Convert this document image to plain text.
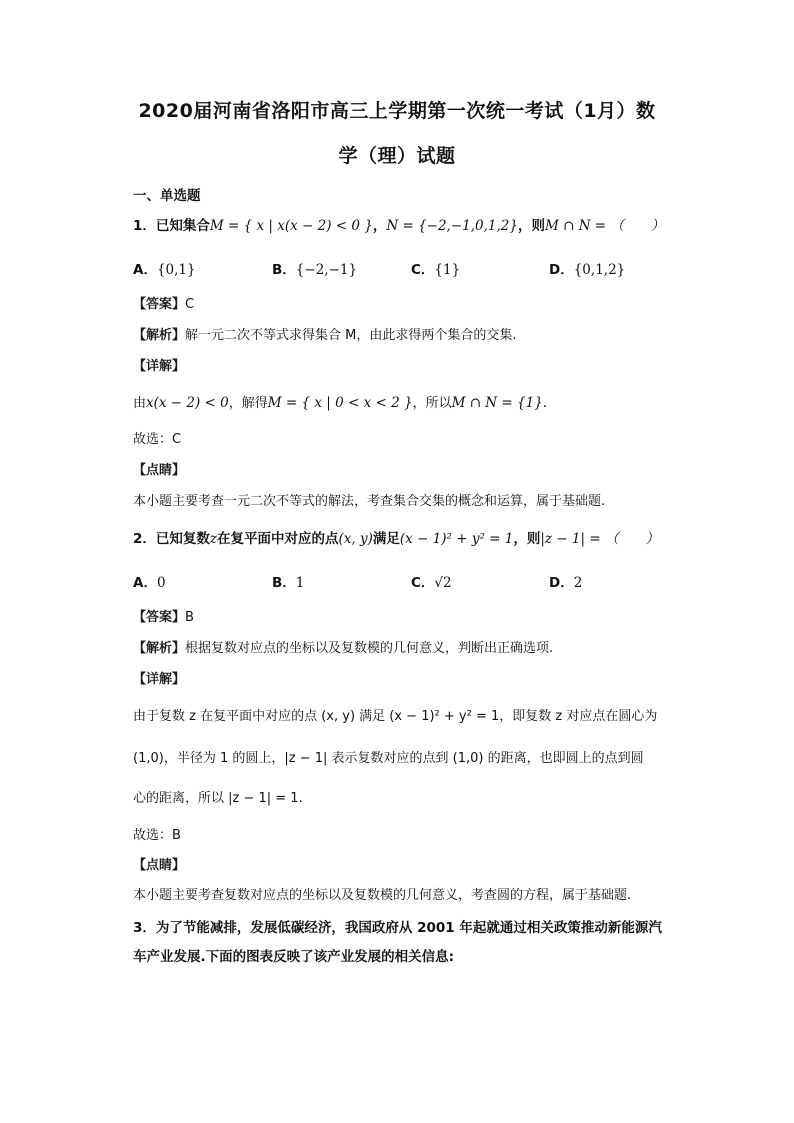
2020届河南省洛阳市高三上学期第一次统一考试（1月）数
学（理）试题
一、单选题
1．已知集合M = { x | x(x − 2) < 0 }，N = {−2,−1,0,1,2}，则M ∩ N = （　　）
A．{0,1}	B．{−2,−1}	C．{1}	D．{0,1,2}
【答案】C
【解析】解一元二次不等式求得集合 M，由此求得两个集合的交集.
【详解】
由x(x − 2) < 0，解得M = { x | 0 < x < 2 }，所以M ∩ N = {1}.
故选：C
【点睛】
本小题主要考查一元二次不等式的解法，考查集合交集的概念和运算，属于基础题.
2．已知复数z在复平面中对应的点(x, y)满足(x − 1)² + y² = 1，则|z − 1| = （　　）
A．0	B．1	C．√2	D．2
【答案】B
【解析】根据复数对应点的坐标以及复数模的几何意义，判断出正确选项.
【详解】
由于复数 z 在复平面中对应的点 (x, y) 满足 (x − 1)² + y² = 1，即复数 z 对应点在圆心为
(1,0)，半径为 1 的圆上，|z − 1| 表示复数对应的点到 (1,0) 的距离，也即圆上的点到圆
心的距离，所以 |z − 1| = 1.
故选：B
【点睛】
本小题主要考查复数对应点的坐标以及复数模的几何意义，考查圆的方程，属于基础题.
3．为了节能减排，发展低碳经济，我国政府从 2001 年起就通过相关政策推动新能源汽
车产业发展.下面的图表反映了该产业发展的相关信息:
